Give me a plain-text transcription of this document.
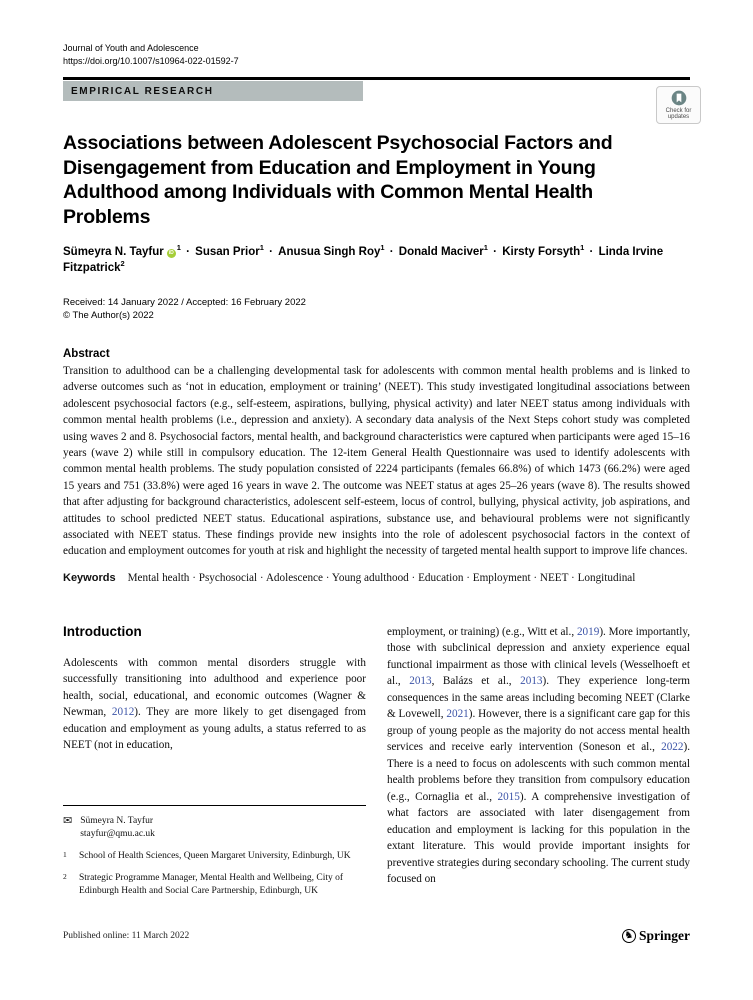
Journal of Youth and Adolescence
https://doi.org/10.1007/s10964-022-01592-7
EMPIRICAL RESEARCH
Check for
updates
Associations between Adolescent Psychosocial Factors and Disengagement from Education and Employment in Young Adulthood among Individuals with Common Mental Health Problems
Sümeyra N. Tayfur $iD^1$ · Susan Prior$^1$ · Anusua Singh Roy$^1$ · Donald Maciver$^1$ · Kirsty Forsyth$^1$ · Linda Irvine Fitzpatrick$^2$
Received: 14 January 2022 / Accepted: 16 February 2022
© The Author(s) 2022
Abstract

Transition to adulthood can be a challenging developmental task for adolescents with common mental health problems and is linked to adverse outcomes such as ‘not in education, employment or training’ (NEET). This study investigated longitudinal associations between adolescent psychosocial factors (e.g., self-esteem, aspirations, bullying, physical activity) and later NEET status among individuals with common mental health problems (i.e., depression and anxiety). A secondary data analysis of the Next Steps cohort study was completed using waves 2 and 8. Psychosocial factors, mental health, and background characteristics were captured when participants were aged 15–16 years (wave 2) while still in compulsory education. The 12-item General Health Questionnaire was used to identify adolescents with common mental health problems. The study population consisted of 2224 participants (females 66.8%) of which 1473 (66.2%) were aged 15 years and 751 (33.8%) were aged 16 years in wave 2. The outcome was NEET status at ages 25–26 years (wave 8). The results showed that after adjusting for background characteristics, adolescent self-esteem, locus of control, bullying, physical activity, job aspirations, and attitudes to school predicted NEET status. Educational aspirations, substance use, and behavioural problems were not significantly associated with NEET status. These findings provide new insights into the role of adolescent psychosocial factors in the context of education and employment outcomes for youth at risk and highlight the necessity of targeted mental health support to improve life chances.

Keywords Mental health · Psychosocial · Adolescence · Young adulthood · Education · Employment · NEET · Longitudinal
Introduction

Adolescents with common mental disorders struggle with successfully transitioning into adulthood and experience poor health, social, educational, and economic outcomes (Wagner & Newman, 2012). They are more likely to get disengaged from education and employment as young adults, a status referred to as NEET (not in education,

✉ Sümeyra N. Tayfur
stayfur@qmu.ac.uk
1	School of Health Sciences, Queen Margaret University, Edinburgh, UK
2	Strategic Programme Manager, Mental Health and Wellbeing, City of Edinburgh Health and Social Care Partnership, Edinburgh, UK

employment, or training) (e.g., Witt et al., 2019). More importantly, those with subclinical depression and anxiety experience equal functional impairment as those with clinical levels (Wesselhoeft et al., 2013, Balázs et al., 2013). They experience long-term consequences in the same areas including becoming NEET (Clarke & Lovewell, 2021). However, there is a significant care gap for this group of young people as the majority do not access mental health services and receive early intervention (Soneson et al., 2022). There is a need to focus on adolescents with such common mental health problems before they transition from compulsory education (e.g., Cornaglia et al., 2015). A comprehensive investigation of what factors are associated with later disengagement from education and employment is lacking for this population in the extant literature. This would provide important insights for preventive strategies during secondary schooling. The current study focused on

Published online: 11 March 2022	♞ Springer
